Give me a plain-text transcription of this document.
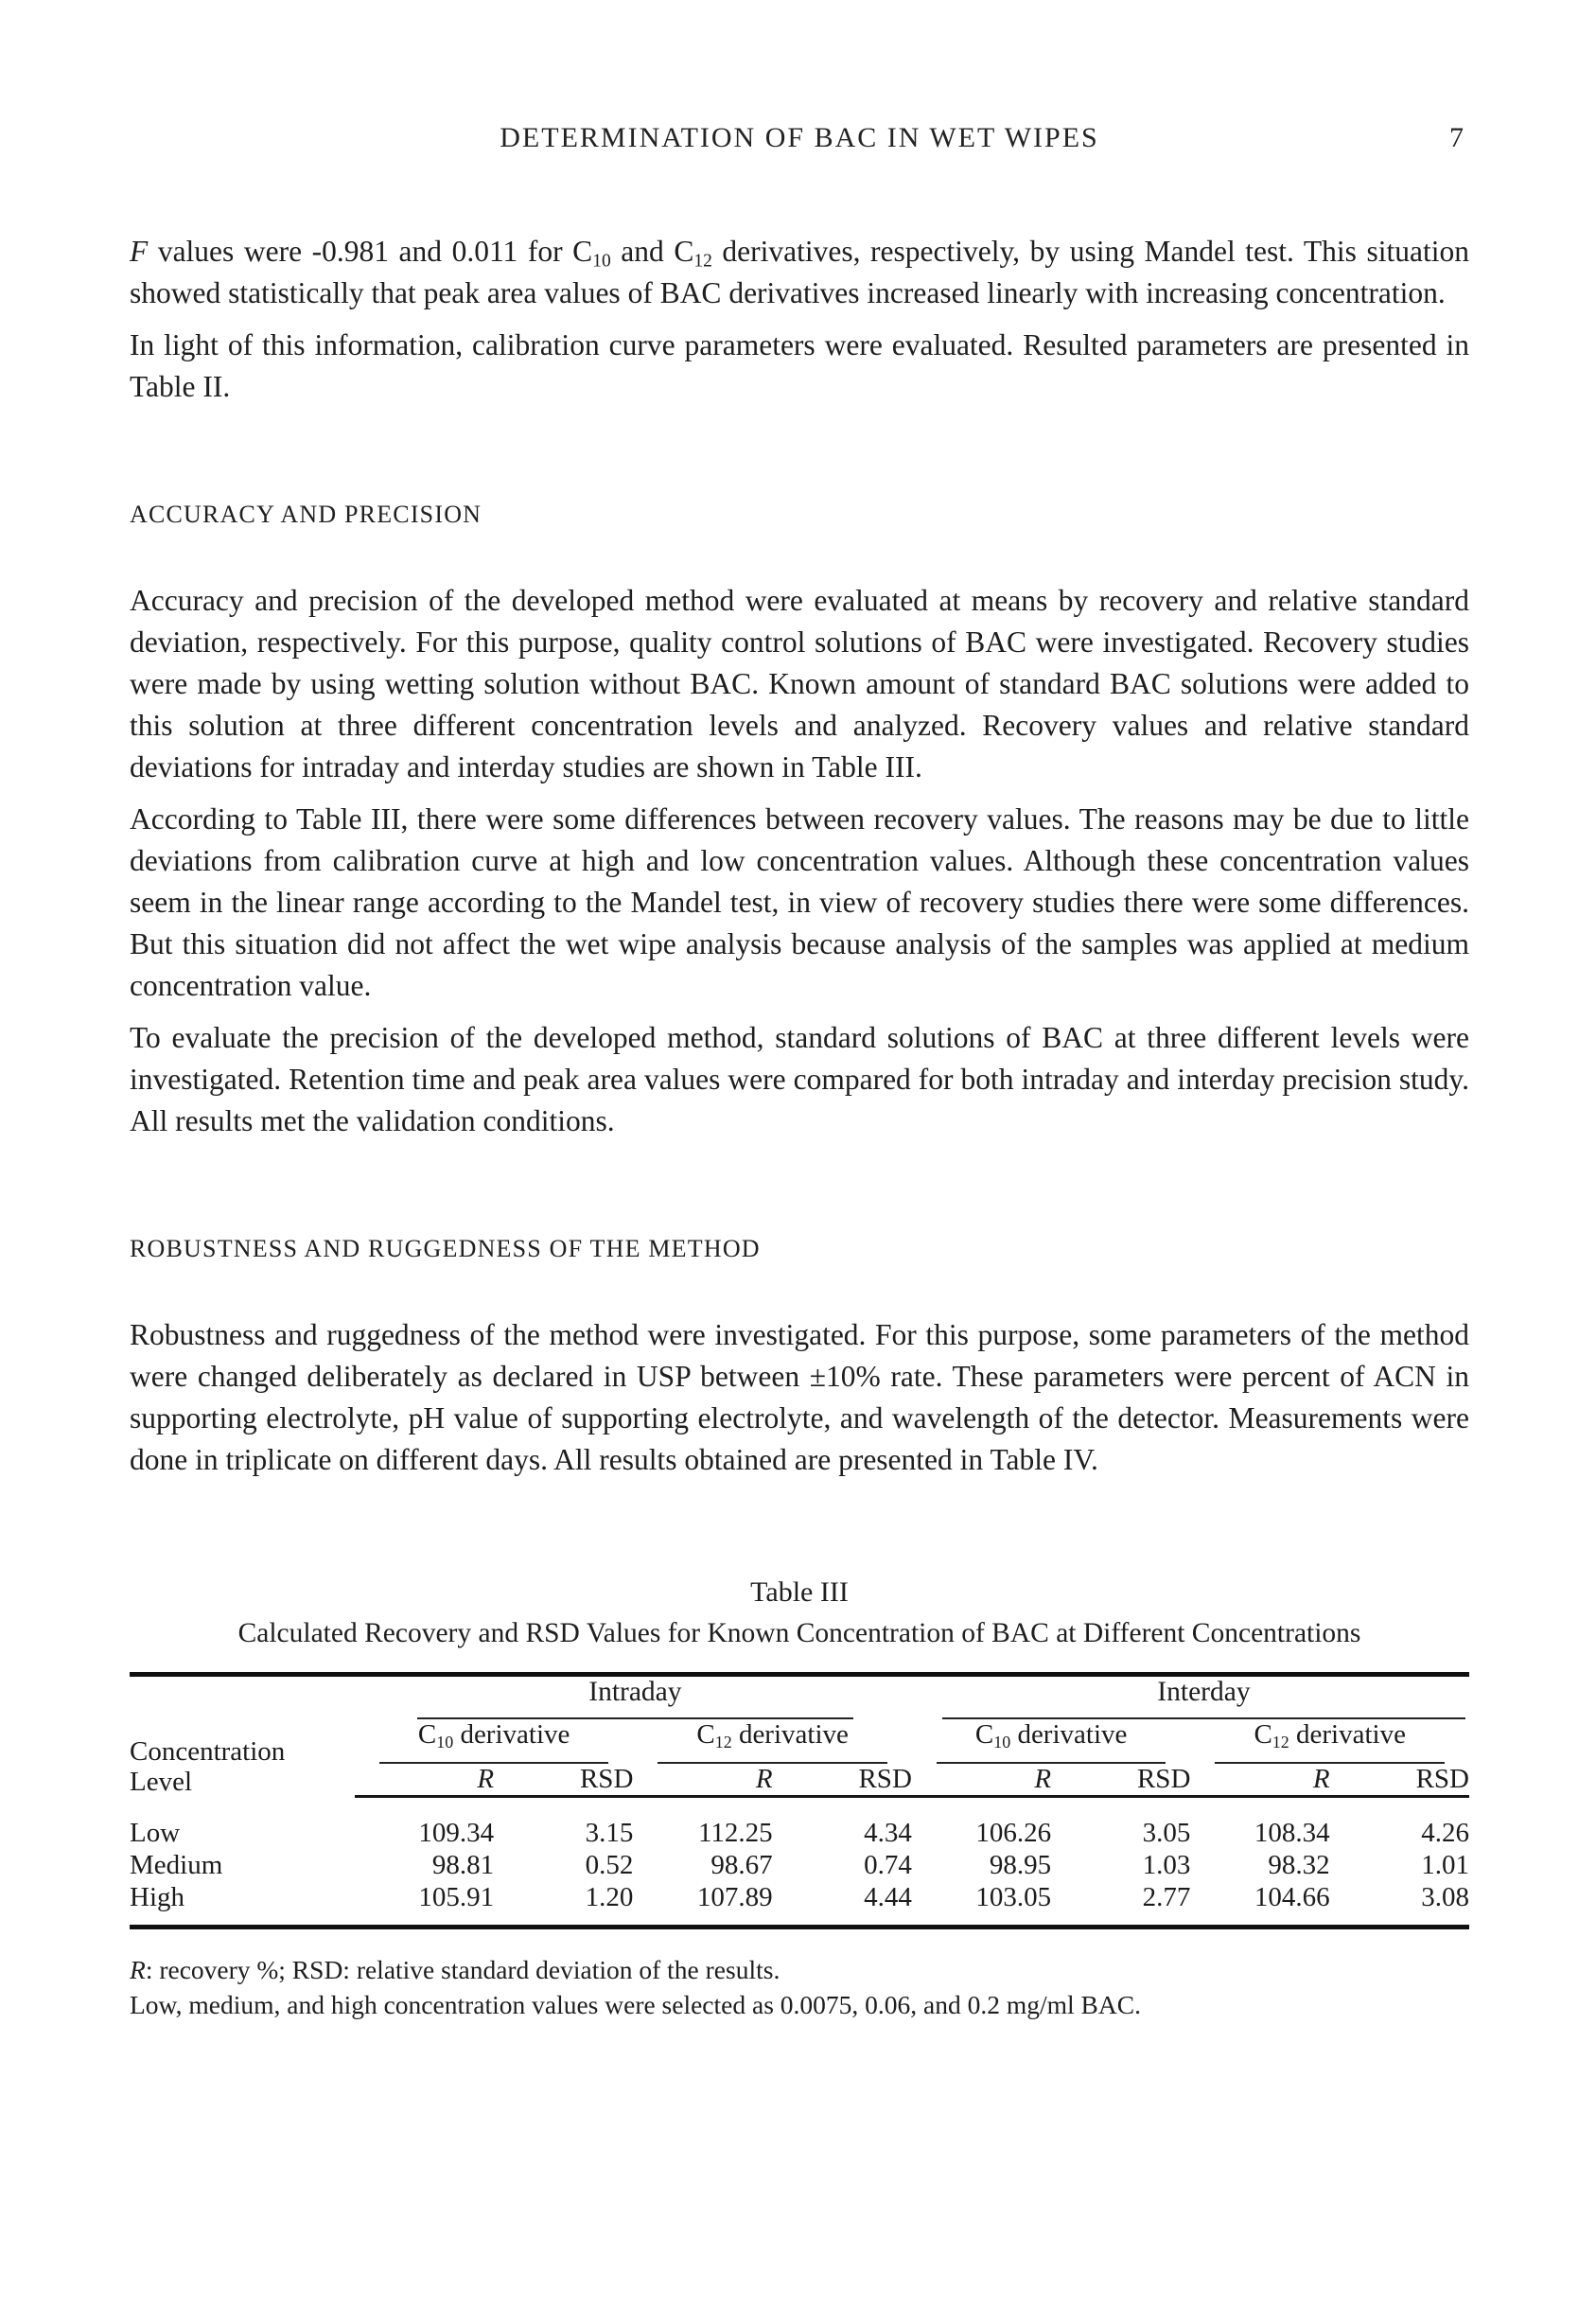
DETERMINATION OF BAC IN WET WIPES	7

F values were -0.981 and 0.011 for $C_{10}$ and $C_{12}$ derivatives, respectively, by using Mandel test. This situation showed statistically that peak area values of BAC derivatives increased linearly with increasing concentration.

In light of this information, calibration curve parameters were evaluated. Resulted parameters are presented in Table II.

ACCURACY AND PRECISION

Accuracy and precision of the developed method were evaluated at means by recovery and relative standard deviation, respectively. For this purpose, quality control solutions of BAC were investigated. Recovery studies were made by using wetting solution without BAC. Known amount of standard BAC solutions were added to this solution at three different concentration levels and analyzed. Recovery values and relative standard deviations for intraday and interday studies are shown in Table III.

According to Table III, there were some differences between recovery values. The reasons may be due to little deviations from calibration curve at high and low concentration values. Although these concentration values seem in the linear range according to the Mandel test, in view of recovery studies there were some differences. But this situation did not affect the wet wipe analysis because analysis of the samples was applied at medium concentration value.

To evaluate the precision of the developed method, standard solutions of BAC at three different levels were investigated. Retention time and peak area values were compared for both intraday and interday precision study. All results met the validation conditions.

ROBUSTNESS AND RUGGEDNESS OF THE METHOD

Robustness and ruggedness of the method were investigated. For this purpose, some parameters of the method were changed deliberately as declared in USP between ±10% rate. These parameters were percent of ACN in supporting electrolyte, pH value of supporting electrolyte, and wavelength of the detector. Measurements were done in triplicate on different days. All results obtained are presented in Table IV.

Table III
Calculated Recovery and RSD Values for Known Concentration of BAC at Different Concentrations

	Intraday				Interday			

Concentration
Level	$C_{10}$ derivative		$C_{12}$ derivative		$C_{10}$ derivative		$C_{12}$ derivative	

	R	RSD	R	RSD	R	RSD	R	RSD
Low	109.34	3.15	112.25	4.34	106.26	3.05	108.34	4.26
Medium	98.81	0.52	98.67	0.74	98.95	1.03	98.32	1.01
High	105.91	1.20	107.89	4.44	103.05	2.77	104.66	3.08
R: recovery %; RSD: relative standard deviation of the results.
Low, medium, and high concentration values were selected as 0.0075, 0.06, and 0.2 mg/ml BAC.
